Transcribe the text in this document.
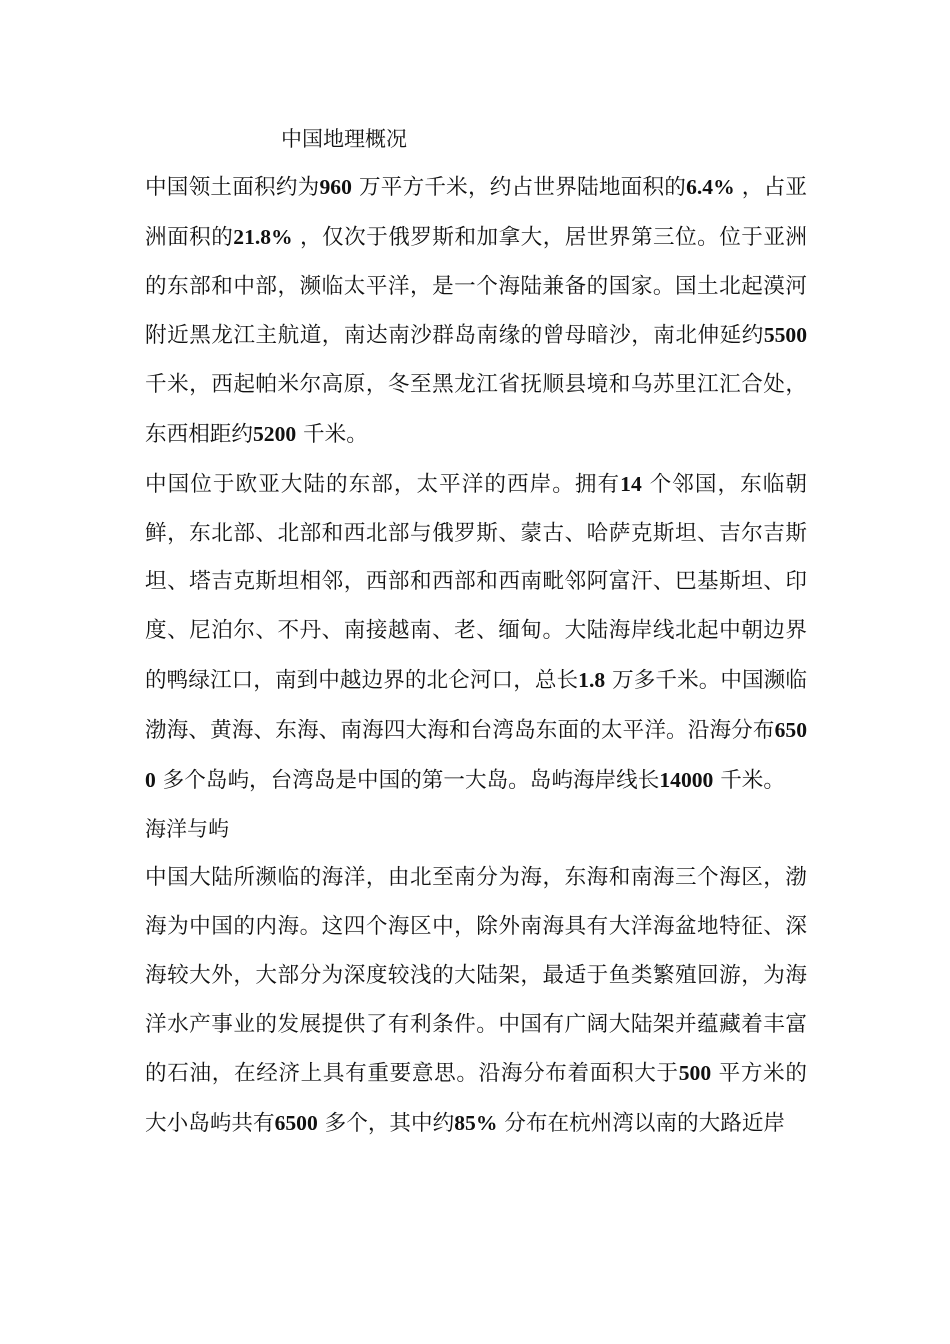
中国地理概况

中国领土面积约为960 万平方千米，约占世界陆地面积的6.4% ，占亚洲面积的21.8% ，仅次于俄罗斯和加拿大，居世界第三位。位于亚洲的东部和中部，濒临太平洋，是一个海陆兼备的国家。国土北起漠河附近黑龙江主航道，南达南沙群岛南缘的曾母暗沙，南北伸延约5500 千米，西起帕米尔高原，冬至黑龙江省抚顺县境和乌苏里江汇合处，东西相距约5200 千米。

中国位于欧亚大陆的东部，太平洋的西岸。拥有14 个邻国，东临朝鲜，东北部、北部和西北部与俄罗斯、蒙古、哈萨克斯坦、吉尔吉斯坦、塔吉克斯坦相邻，西部和西部和西南毗邻阿富汗、巴基斯坦、印度、尼泊尔、不丹、南接越南、老、缅甸。大陆海岸线北起中朝边界的鸭绿江口，南到中越边界的北仑河口，总长1.8 万多千米。中国濒临渤海、黄海、东海、南海四大海和台湾岛东面的太平洋。沿海分布6500 多个岛屿，台湾岛是中国的第一大岛。岛屿海岸线长14000 千米。

海洋与屿

中国大陆所濒临的海洋，由北至南分为海，东海和南海三个海区，渤海为中国的内海。这四个海区中，除外南海具有大洋海盆地特征、深海较大外，大部分为深度较浅的大陆架，最适于鱼类繁殖回游，为海洋水产事业的发展提供了有利条件。中国有广阔大陆架并蕴藏着丰富的石油，在经济上具有重要意思。沿海分布着面积大于500 平方米的大小岛屿共有6500 多个，其中约85% 分布在杭州湾以南的大路近岸
